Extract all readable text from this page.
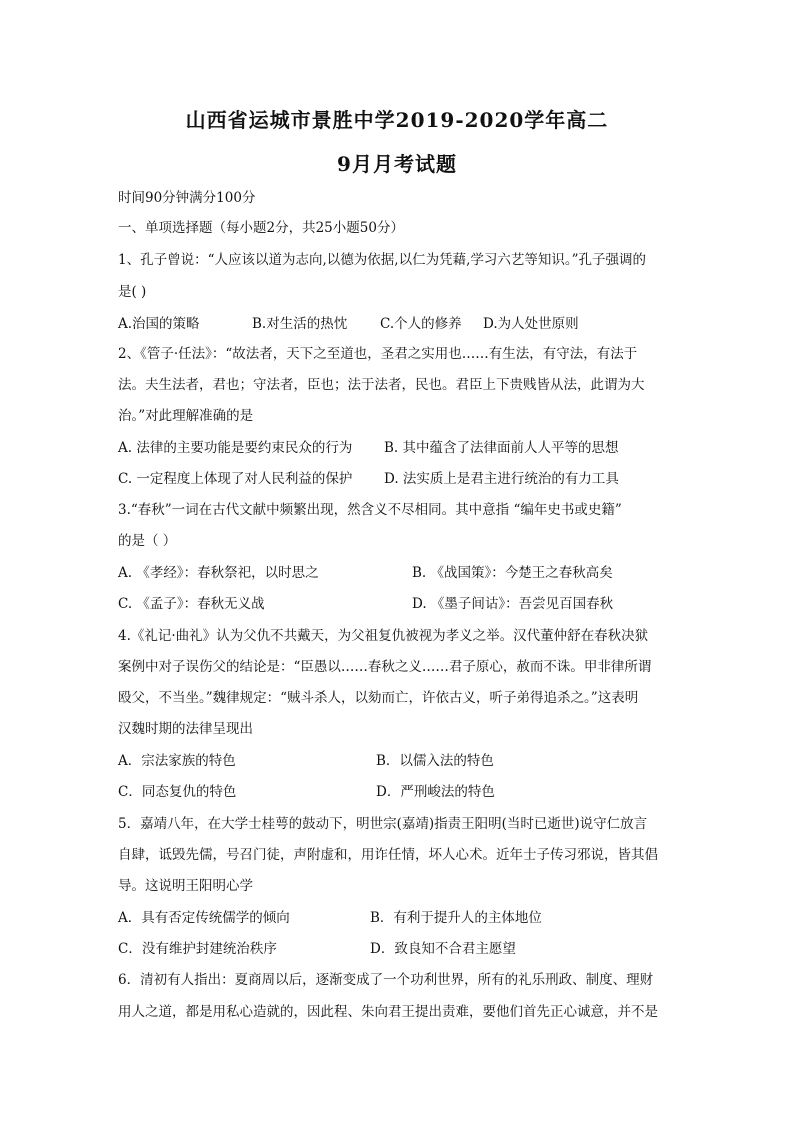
山西省运城市景胜中学2019-2020学年高二
9月月考试题
时间90分钟满分100分
一、单项选择题（每小题2分，共25小题50分）
1、孔子曾说：“人应该以道为志向,以德为依据,以仁为凭藉,学习六艺等知识。”孔子强调的
是( )
A.治国的策略	B.对生活的热忱 C.个人的修养 D.为人处世原则
2、《管子·任法》：“故法者，天下之至道也，圣君之实用也……有生法，有守法，有法于
法。夫生法者，君也；守法者，臣也；法于法者，民也。君臣上下贵贱皆从法，此谓为大
治。”对此理解准确的是
A. 法律的主要功能是要约束民众的行为 B. 其中蕴含了法律面前人人平等的思想
C. 一定程度上体现了对人民利益的保护 D. 法实质上是君主进行统治的有力工具
3.“春秋”一词在古代文献中频繁出现，然含义不尽相同。其中意指 “编年史书或史籍”
的是（ ）
A. 《孝经》：春秋祭祀，以时思之	B. 《战国策》：今楚王之春秋高矣
C. 《孟子》：春秋无义战	D. 《墨子间诂》：吾尝见百国春秋
4.《礼记·曲礼》认为父仇不共戴天，为父祖复仇被视为孝义之举。汉代董仲舒在春秋决狱
案例中对子误伤父的结论是：“臣愚以……春秋之义……君子原心，赦而不诛。甲非律所谓
殴父，不当坐。”魏律规定：“贼斗杀人，以劾而亡，许依古义，听子弟得追杀之。”这表明
汉魏时期的法律呈现出
A．宗法家族的特色	B．以儒入法的特色
C．同态复仇的特色	D．严刑峻法的特色
5．嘉靖八年，在大学士桂萼的鼓动下，明世宗(嘉靖)指责王阳明(当时已逝世)说守仁放言
自肆，诋毁先儒，号召门徒，声附虚和，用诈任情，坏人心术。近年士子传习邪说，皆其倡
导。这说明王阳明心学
A．具有否定传统儒学的倾向	B．有利于提升人的主体地位
C．没有维护封建统治秩序	D．致良知不合君主愿望
6．清初有人指出：夏商周以后，逐渐变成了一个功利世界，所有的礼乐刑政、制度、理财
用人之道，都是用私心造就的，因此程、朱向君王提出责难，要他们首先正心诚意，并不是
